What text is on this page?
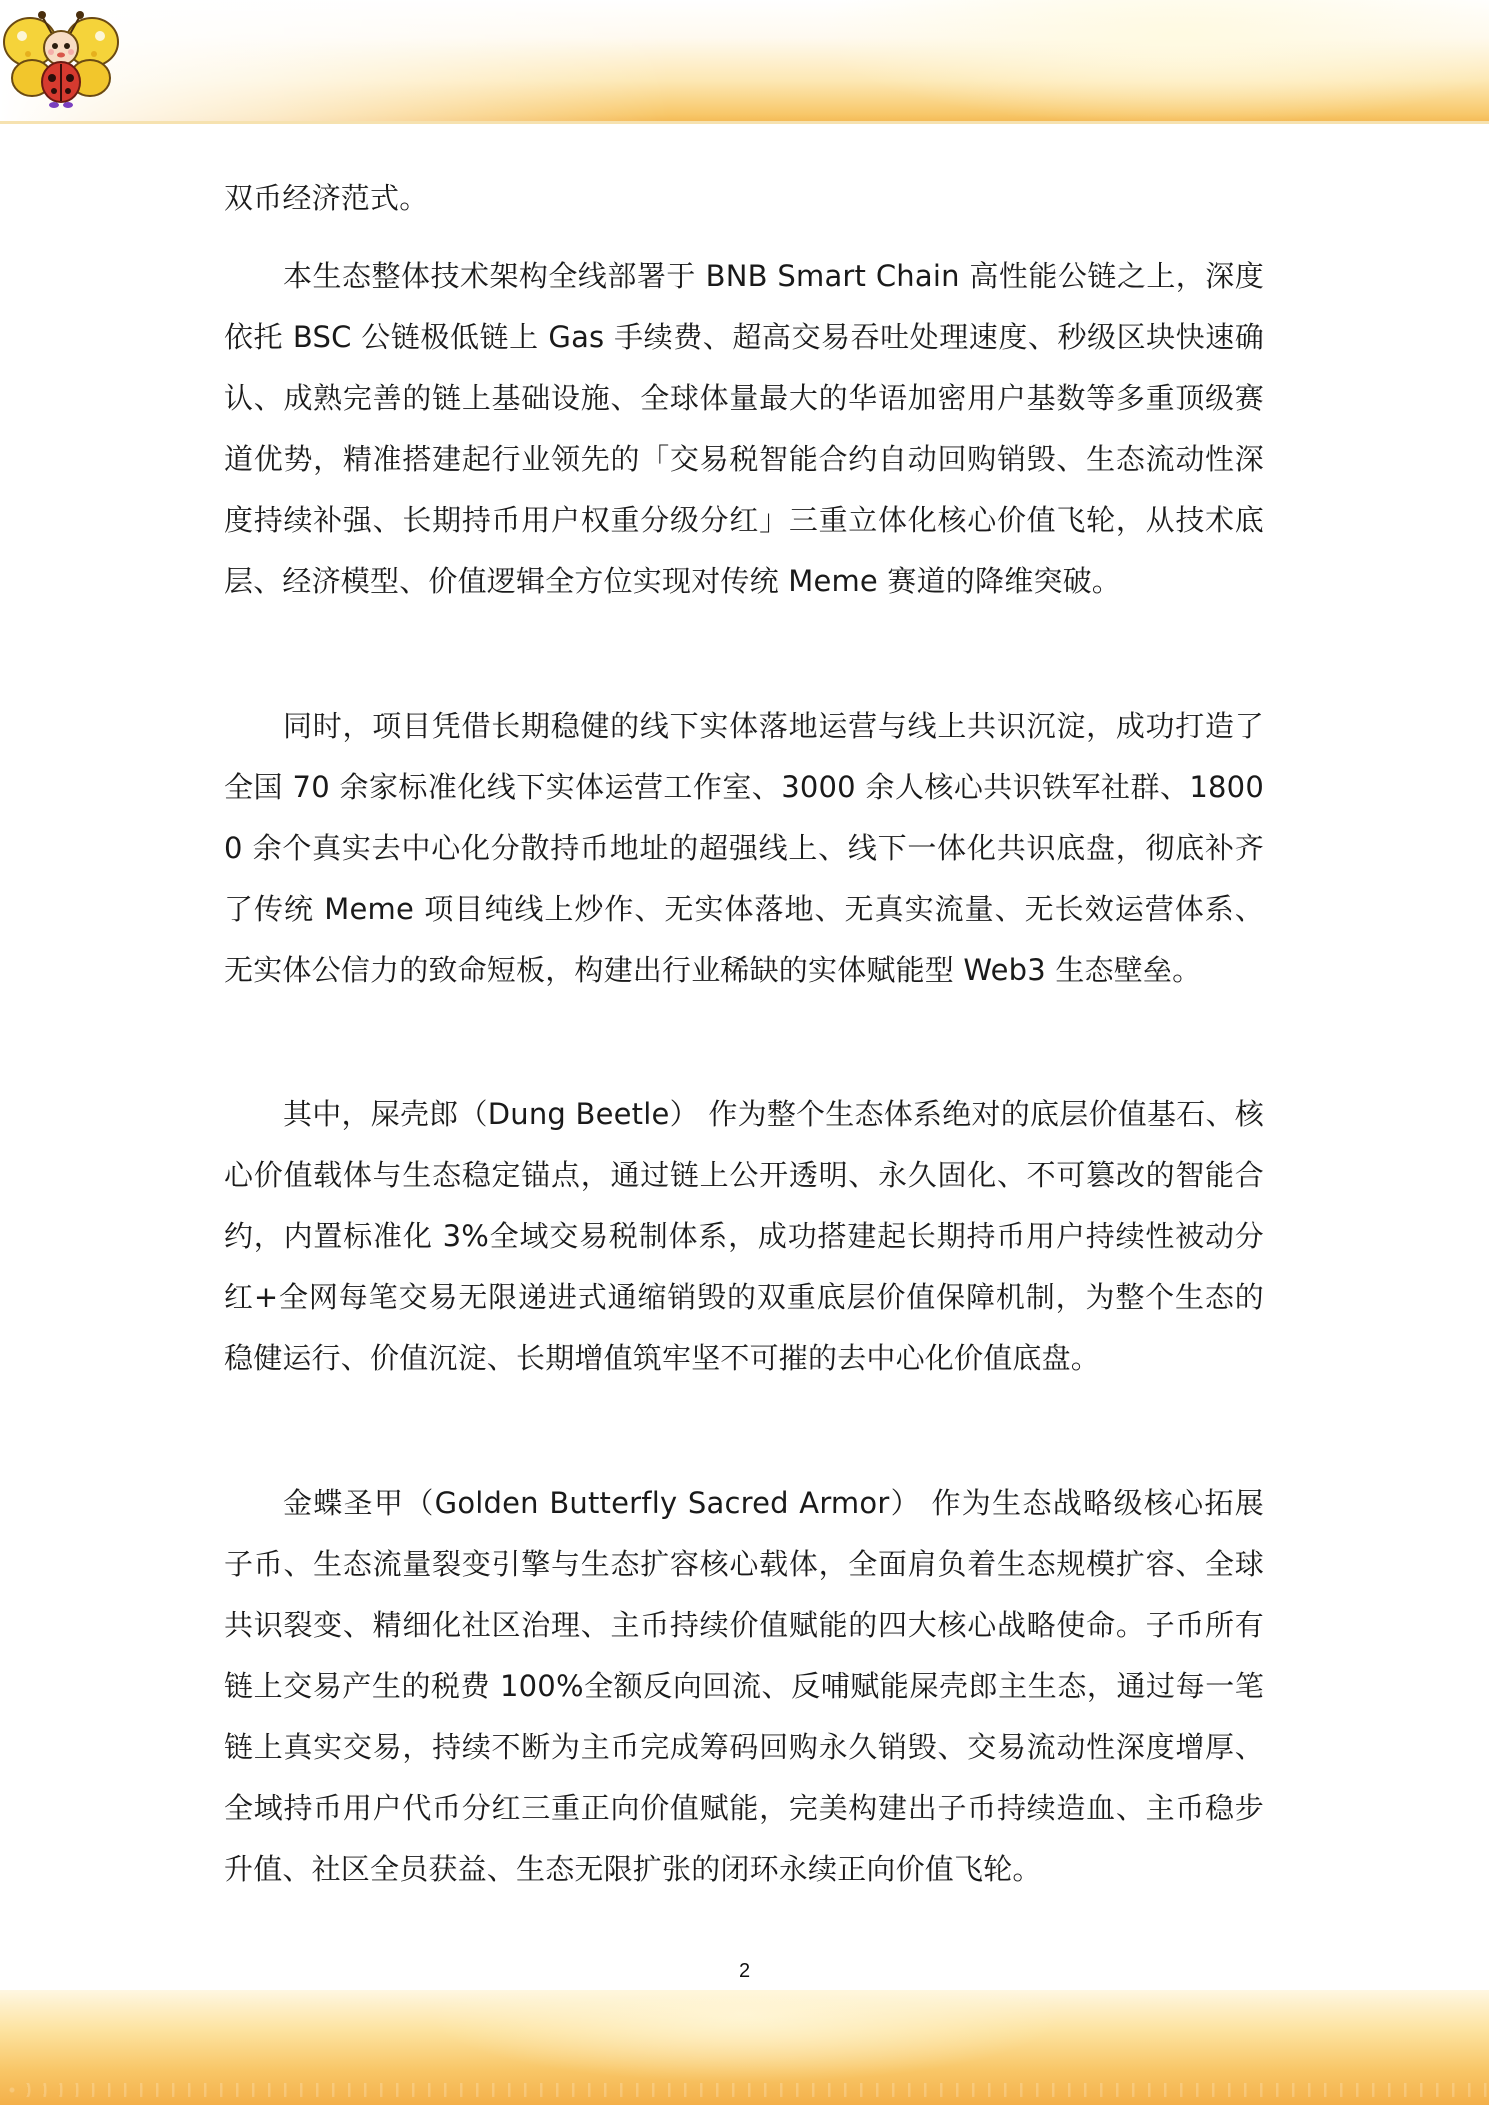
双币经济范式。

本生态整体技术架构全线部署于 BNB Smart Chain 高性能公链之上，深度依托 BSC 公链极低链上 Gas 手续费、超高交易吞吐处理速度、秒级区块快速确认、成熟完善的链上基础设施、全球体量最大的华语加密用户基数等多重顶级赛道优势，精准搭建起行业领先的「交易税智能合约自动回购销毁、生态流动性深度持续补强、长期持币用户权重分级分红」三重立体化核心价值飞轮，从技术底层、经济模型、价值逻辑全方位实现对传统 Meme 赛道的降维突破。

同时，项目凭借长期稳健的线下实体落地运营与线上共识沉淀，成功打造了全国 70 余家标准化线下实体运营工作室、3000 余人核心共识铁军社群、18000 余个真实去中心化分散持币地址的超强线上、线下一体化共识底盘，彻底补齐了传统 Meme 项目纯线上炒作、无实体落地、无真实流量、无长效运营体系、无实体公信力的致命短板，构建出行业稀缺的实体赋能型 Web3 生态壁垒。

其中，屎壳郎（Dung Beetle） 作为整个生态体系绝对的底层价值基石、核心价值载体与生态稳定锚点，通过链上公开透明、永久固化、不可篡改的智能合约，内置标准化 3%全域交易税制体系，成功搭建起长期持币用户持续性被动分红+全网每笔交易无限递进式通缩销毁的双重底层价值保障机制，为整个生态的稳健运行、价值沉淀、长期增值筑牢坚不可摧的去中心化价值底盘。

金蝶圣甲（Golden Butterfly Sacred Armor） 作为生态战略级核心拓展子币、生态流量裂变引擎与生态扩容核心载体，全面肩负着生态规模扩容、全球共识裂变、精细化社区治理、主币持续价值赋能的四大核心战略使命。子币所有链上交易产生的税费 100%全额反向回流、反哺赋能屎壳郎主生态，通过每一笔链上真实交易，持续不断为主币完成筹码回购永久销毁、交易流动性深度增厚、全域持币用户代币分红三重正向价值赋能，完美构建出子币持续造血、主币稳步升值、社区全员获益、生态无限扩张的闭环永续正向价值飞轮。

2
